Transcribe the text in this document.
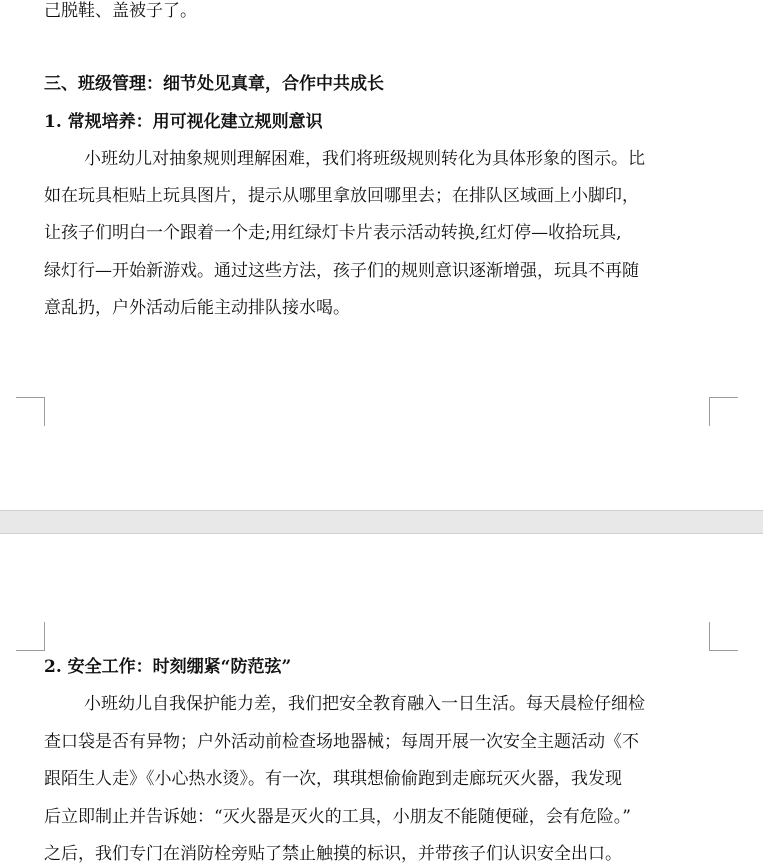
己脱鞋、盖被子了。
三、班级管理：细节处见真章，合作中共成长
1. 常规培养：用可视化建立规则意识
小班幼儿对抽象规则理解困难，我们将班级规则转化为具体形象的图示。比
如在玩具柜贴上玩具图片，提示从哪里拿放回哪里去；在排队区域画上小脚印，
让孩子们明白一个跟着一个走;用红绿灯卡片表示活动转换,红灯停—收拾玩具,
绿灯行—开始新游戏。通过这些方法，孩子们的规则意识逐渐增强，玩具不再随
意乱扔，户外活动后能主动排队接水喝。
2. 安全工作：时刻绷紧“防范弦”
小班幼儿自我保护能力差，我们把安全教育融入一日生活。每天晨检仔细检
查口袋是否有异物；户外活动前检查场地器械；每周开展一次安全主题活动《不
跟陌生人走》《小心热水烫》。有一次，琪琪想偷偷跑到走廊玩灭火器，我发现
后立即制止并告诉她：“灭火器是灭火的工具，小朋友不能随便碰，会有危险。”
之后，我们专门在消防栓旁贴了禁止触摸的标识，并带孩子们认识安全出口。
